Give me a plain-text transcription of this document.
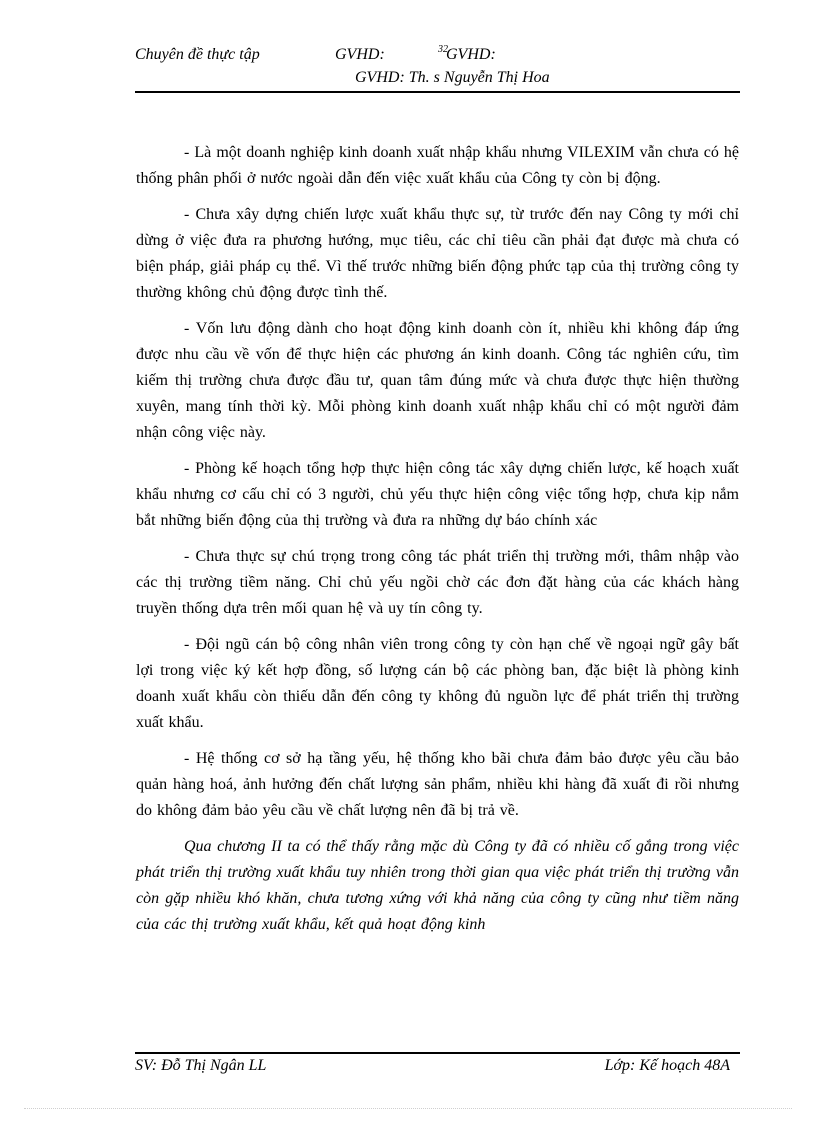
Chuyên đề thực tập	GVHD:	32
GVHD:
GVHD: Th. s Nguyễn Thị Hoa

- Là một doanh nghiệp kinh doanh xuất nhập khẩu nhưng VILEXIM vẫn chưa có hệ thống phân phối ở nước ngoài dẫn đến việc xuất khẩu của Công ty còn bị động.

- Chưa xây dựng chiến lược xuất khẩu thực sự, từ trước đến nay Công ty mới chỉ dừng ở việc đưa ra phương hướng, mục tiêu, các chỉ tiêu cần phải đạt được mà chưa có biện pháp, giải pháp cụ thể. Vì thế trước những biến động phức tạp của thị trường công ty thường không chủ động được tình thế.

- Vốn lưu động dành cho hoạt động kinh doanh còn ít, nhiều khi không đáp ứng được nhu cầu về vốn để thực hiện các phương án kinh doanh. Công tác nghiên cứu, tìm kiếm thị trường chưa được đầu tư, quan tâm đúng mức và chưa được thực hiện thường xuyên, mang tính thời kỳ. Mỗi phòng kinh doanh xuất nhập khẩu chỉ có một người đảm nhận công việc này.

- Phòng kế hoạch tổng hợp thực hiện công tác xây dựng chiến lược, kế hoạch xuất khẩu nhưng cơ cấu chỉ có 3 người, chủ yếu thực hiện công việc tổng hợp, chưa kịp nắm bắt những biến động của thị trường và đưa ra những dự báo chính xác

- Chưa thực sự chú trọng trong công tác phát triển thị trường mới, thâm nhập vào các thị trường tiềm năng. Chỉ chủ yếu ngồi chờ các đơn đặt hàng của các khách hàng truyền thống dựa trên mối quan hệ và uy tín công ty.

- Đội ngũ cán bộ công nhân viên trong công ty còn hạn chế về ngoại ngữ gây bất lợi trong việc ký kết hợp đồng, số lượng cán bộ các phòng ban, đặc biệt là phòng kinh doanh xuất khẩu còn thiếu dẫn đến công ty không đủ nguồn lực để phát triển thị trường xuất khẩu.

- Hệ thống cơ sở hạ tầng yếu, hệ thống kho bãi chưa đảm bảo được yêu cầu bảo quản hàng hoá, ảnh hưởng đến chất lượng sản phẩm, nhiều khi hàng đã xuất đi rồi nhưng do không đảm bảo yêu cầu về chất lượng nên đã bị trả về.

Qua chương II ta có thể thấy rằng mặc dù Công ty đã có nhiều cố gắng trong việc phát triển thị trường xuất khẩu tuy nhiên trong thời gian qua việc phát triển thị trường vẫn còn gặp nhiều khó khăn, chưa tương xứng với khả năng của công ty cũng như tiềm năng của các thị trường xuất khẩu, kết quả hoạt động kinh

SV: Đỗ Thị Ngân LL	Lớp: Kế hoạch 48A
